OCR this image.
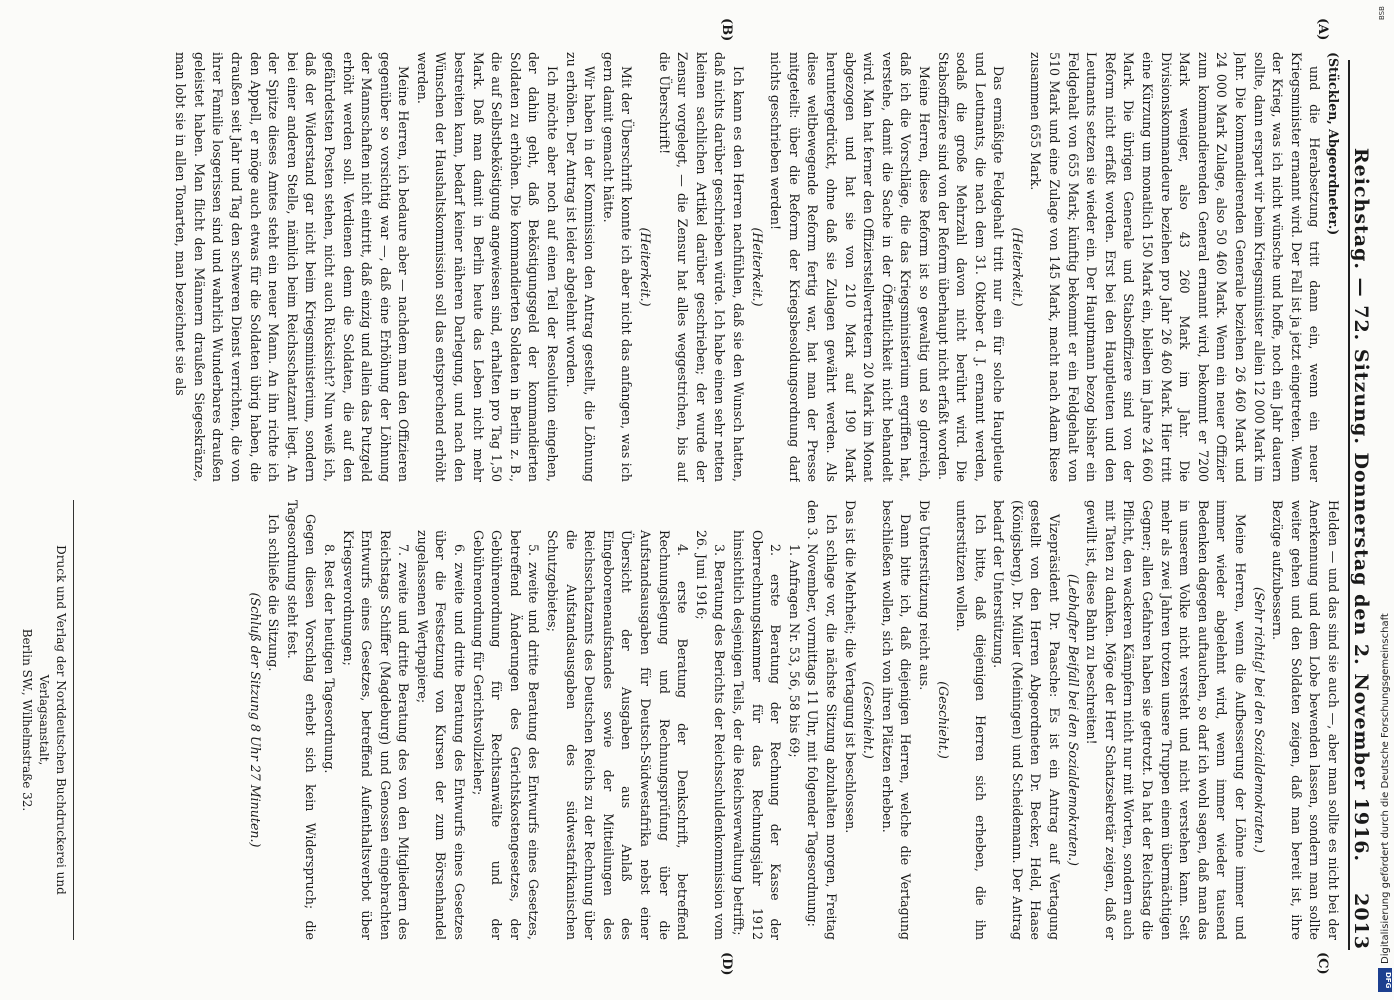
Reichstag. — 72. Sitzung. Donnerstag den 2. November 1916.
2013
(A)
(B)
(C)
(D)

(Stücklen, Abgeordneter.)

und die Herabsetzung tritt dann ein, wenn ein neuer Kriegsminister ernannt wird. Der Fall ist ja jetzt eingetreten. Wenn der Krieg, was ich nicht wünsche und hoffe, noch ein Jahr dauern sollte, dann erspart wir beim Kriegsminister allein 12 000 Mark im Jahr. Die kommandierenden Generale beziehen 26 460 Mark und 24 000 Mark Zulage, also 50 460 Mark. Wenn ein neuer Offizier zum kommandierenden General ernannt wird, bekommt er 7200 Mark weniger, also 43 260 Mark im Jahr. Die Divisionskommandeure beziehen pro Jahr 26 460 Mark. Hier tritt eine Kürzung um monatlich 150 Mark ein, bleiben im Jahre 24 660 Mark. Die übrigen Generale und Stabsoffiziere sind von der Reform nicht erfaßt worden. Erst bei den Hauptleuten und den Leutnants setzen sie wieder ein. Der Hauptmann bezog bisher ein Feldgehalt von 655 Mark; künftig bekommt er ein Feldgehalt von 510 Mark und eine Zulage von 145 Mark, macht nach Adam Riese zusammen 655 Mark.

(Heiterkeit.)

Das ermäßigte Feldgehalt tritt nur ein für solche Hauptleute und Leutnants, die nach dem 31. Oktober d. J. ernannt werden, sodaß die große Mehrzahl davon nicht berührt wird. Die Stabsoffiziere sind von der Reform überhaupt nicht erfaßt worden.

Meine Herren, diese Reform ist so gewaltig und so glorreich, daß ich die Vorschläge, die das Kriegsministerium ergriffen hat, verstehe, damit die Sache in der Öffentlichkeit nicht behandelt wird. Man hat ferner den Offizierstellvertretern 20 Mark im Monat abgezogen und hat sie von 210 Mark auf 190 Mark heruntergedrückt, ohne daß sie Zulagen gewährt werden. Als diese weltbewegende Reform fertig war, hat man der Presse mitgeteilt: über die Reform der Kriegsbesoldungsordnung darf nichts geschrieben werden!

(Heiterkeit.)

Ich kann es den Herren nachfühlen, daß sie den Wunsch hatten, daß nichts darüber geschrieben würde. Ich habe einen sehr netten kleinen sachlichen Artikel darüber geschrieben; der wurde der Zensur vorgelegt, — die Zensur hat alles weggestrichen, bis auf die Überschrift!

(Heiterkeit.)

Mit der Überschrift konnte ich aber nicht das anfangen, was ich gern damit gemacht hätte.

Wir haben in der Kommission den Antrag gestellt, die Löhnung zu erhöhen. Der Antrag ist leider abgelehnt worden.

Ich möchte aber noch auf einen Teil der Resolution eingehen, der dahin geht, daß Beköstigungsgeld der kommandierten Soldaten zu erhöhen. Die kommandierten Soldaten in Berlin z. B., die auf Selbstbeköstigung angewiesen sind, erhalten pro Tag 1,50 Mark. Daß man damit in Berlin heute das Leben nicht mehr bestreiten kann, bedarf keiner näheren Darlegung, und nach den Wünschen der Haushaltskommission soll das entsprechend erhöht werden.

Meine Herren, ich bedaure aber — nachdem man den Offizieren gegenüber so vorsichtig war —, daß eine Erhöhung der Löhnung der Mannschaften nicht eintritt, daß einzig und allein das Putzgeld erhöht werden soll. Verdienen denn die Soldaten, die auf den gefährdetsten Posten stehen, nicht auch Rücksicht? Nun weiß ich, daß der Widerstand gar nicht beim Kriegsministerium, sondern bei einer anderen Stelle, nämlich beim Reichsschatzamt liegt. An der Spitze dieses Amtes steht ein neuer Mann. An ihn richte ich den Appell, er möge auch etwas für die Soldaten übrig haben, die draußen seit Jahr und Tag den schweren Dienst verrichten, die von ihrer Familie losgerissen sind und wahrlich Wunderbares draußen geleistet haben. Man flicht den Männern draußen Siegeskränze, man lobt sie in allen Tonarten, man bezeichnet sie als

Helden — und das sind sie auch —, aber man sollte es nicht bei der Anerkennung und dem Lobe bewenden lassen, sondern man sollte weiter gehen und den Soldaten zeigen, daß man bereit ist, ihre Bezüge aufzubessern.

(Sehr richtig! bei den Sozialdemokraten.)

Meine Herren, wenn die Aufbesserung der Löhne immer und immer wieder abgelehnt wird, wenn immer wieder tausend Bedenken dagegen auftauchen, so darf ich wohl sagen, daß man das in unserem Volke nicht versteht und nicht verstehen kann. Seit mehr als zwei Jahren trotzen unsere Truppen einem übermächtigen Gegner; allen Gefahren haben sie getrotzt. Da hat der Reichstag die Pflicht, den wackeren Kämpfern nicht nur mit Worten, sondern auch mit Taten zu danken. Möge der Herr Schatzsekretär zeigen, daß er gewillt ist, diese Bahn zu beschreiten!

(Lebhafter Beifall bei den Sozialdemokraten.)

Vizepräsident Dr. Paasche: Es ist ein Antrag auf Vertagung gestellt von den Herren Abgeordneten Dr. Becker, Held, Haase (Königsberg), Dr. Müller (Meiningen) und Scheidemann. Der Antrag bedarf der Unterstützung.

Ich bitte, daß diejenigen Herren sich erheben, die ihn unterstützen wollen.

(Geschieht.)

Die Unterstützung reicht aus.

Dann bitte ich, daß diejenigen Herren, welche die Vertagung beschließen wollen, sich von ihren Plätzen erheben.

(Geschieht.)

Das ist die Mehrheit; die Vertagung ist beschlossen.

Ich schlage vor, die nächste Sitzung abzuhalten morgen, Freitag den 3. November, vormittags 11 Uhr, mit folgender Tagesordnung:

1. Anfragen Nr. 53, 56, 58 bis 69;

2. erste Beratung der Rechnung der Kasse der Oberrechnungskammer für das Rechnungsjahr 1912 hinsichtlich desjenigen Teils, der die Reichsverwaltung betrifft;

3. Beratung des Berichts der Reichsschuldenkommission vom 26. Juni 1916;

4. erste Beratung der Denkschrift, betreffend Rechnungslegung und Rechnungsprüfung über die Aufstandsausgaben für Deutsch-Südwestafrika nebst einer Übersicht der Ausgaben aus Anlaß des Eingeborenenaufstandes sowie der Mitteilungen des Reichsschatzamts des Deutschen Reichs zu der Rechnung über die Aufstandsausgaben des südwestafrikanischen Schutzgebietes;

5. zweite und dritte Beratung des Entwurfs eines Gesetzes, betreffend Änderungen des Gerichtskostengesetzes, der Gebührenordnung für Rechtsanwälte und der Gebührenordnung für Gerichtsvollzieher;

6. zweite und dritte Beratung des Entwurfs eines Gesetzes über die Festsetzung von Kursen der zum Börsenhandel zugelassenen Wertpapiere;

7. zweite und dritte Beratung des von den Mitgliedern des Reichstags Schiffer (Magdeburg) und Genossen eingebrachten Entwurfs eines Gesetzes, betreffend Aufenthaltsverbot über Kriegsverordnungen;

8. Rest der heutigen Tagesordnung.

Gegen diesen Vorschlag erhebt sich kein Widerspruch; die Tagesordnung steht fest.

Ich schließe die Sitzung.

(Schluß der Sitzung 8 Uhr 27 Minuten.)

Druck und Verlag der Norddeutschen Buchdruckerei und Verlagsanstalt,
Berlin SW., Wilhelmstraße 32.
BSB
Digitalisierung gefördert durch die Deutsche Forschungsgemeinschaft
DFG
